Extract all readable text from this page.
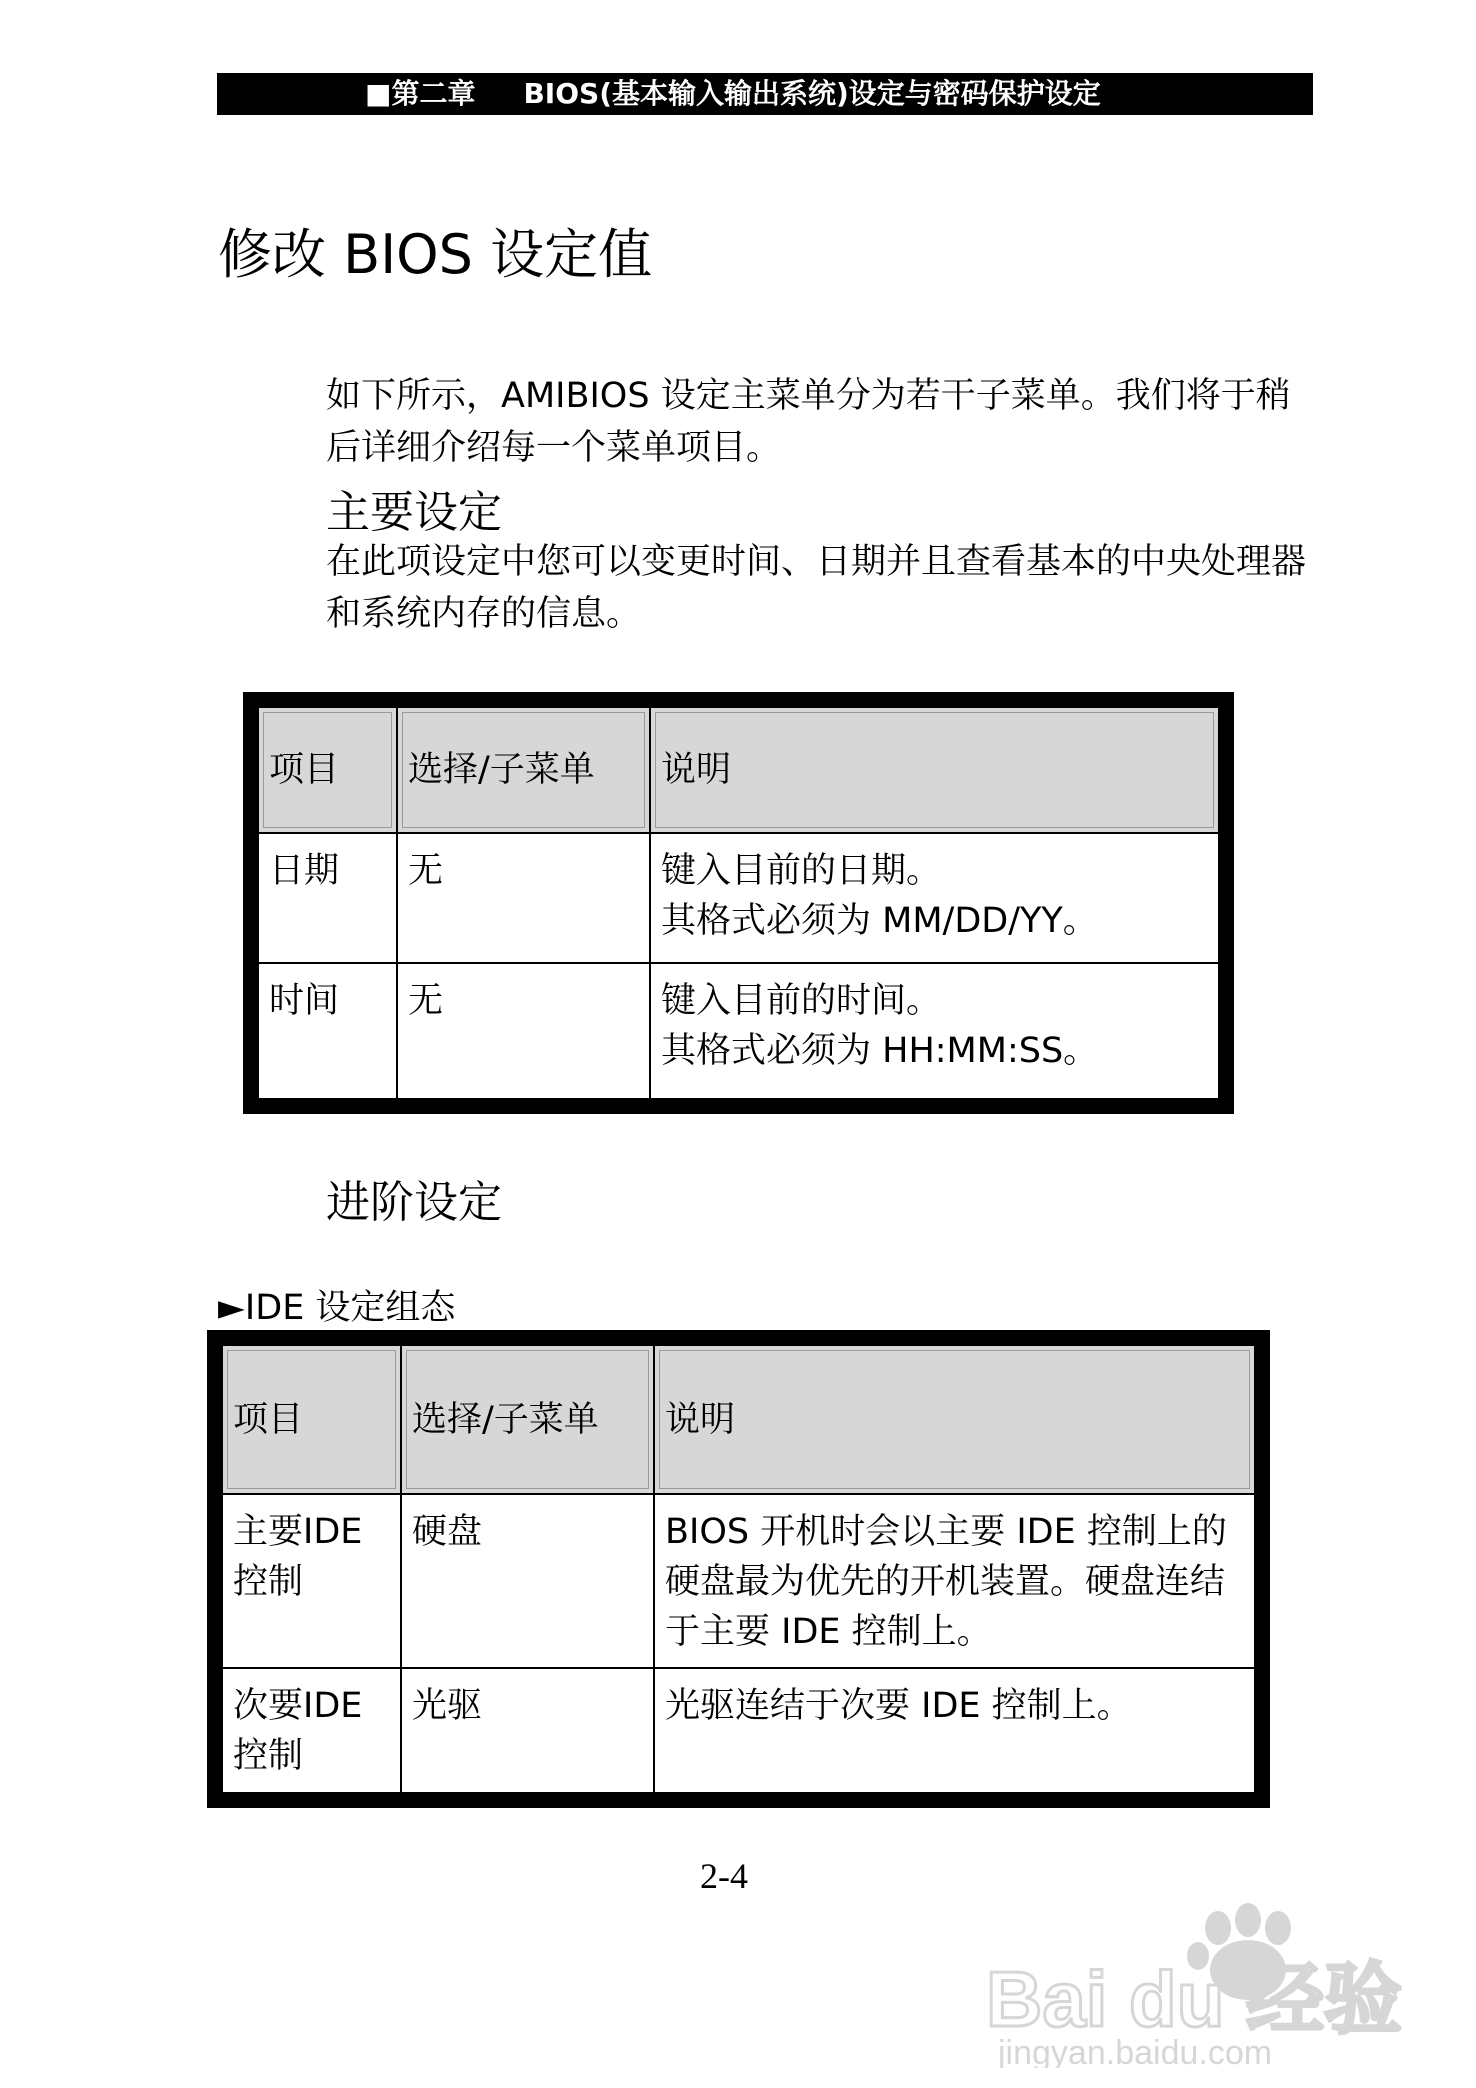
■第二章 BIOS(基本输入输出系统)设定与密码保护设定
修改 BIOS 设定值
如下所示，AMIBIOS 设定主菜单分为若干子菜单。我们将于稍后详细介绍每一个菜单项目。
主要设定
在此项设定中您可以变更时间、日期并且查看基本的中央处理器和系统内存的信息。
项目	选择/子菜单	说明
日期	无	键入目前的日期。
其格式必须为 MM/DD/YY。

时间	无	键入目前的时间。
其格式必须为 HH:MM:SS。
进阶设定
►IDE 设定组态
项目	选择/子菜单	说明
主要IDE 控制	硬盘	BIOS 开机时会以主要 IDE 控制上的硬盘最为优先的开机装置。硬盘连结于主要 IDE 控制上。
次要IDE 控制	光驱	光驱连结于次要 IDE 控制上。
2-4
Bai du 经验
jingyan.baidu.com
